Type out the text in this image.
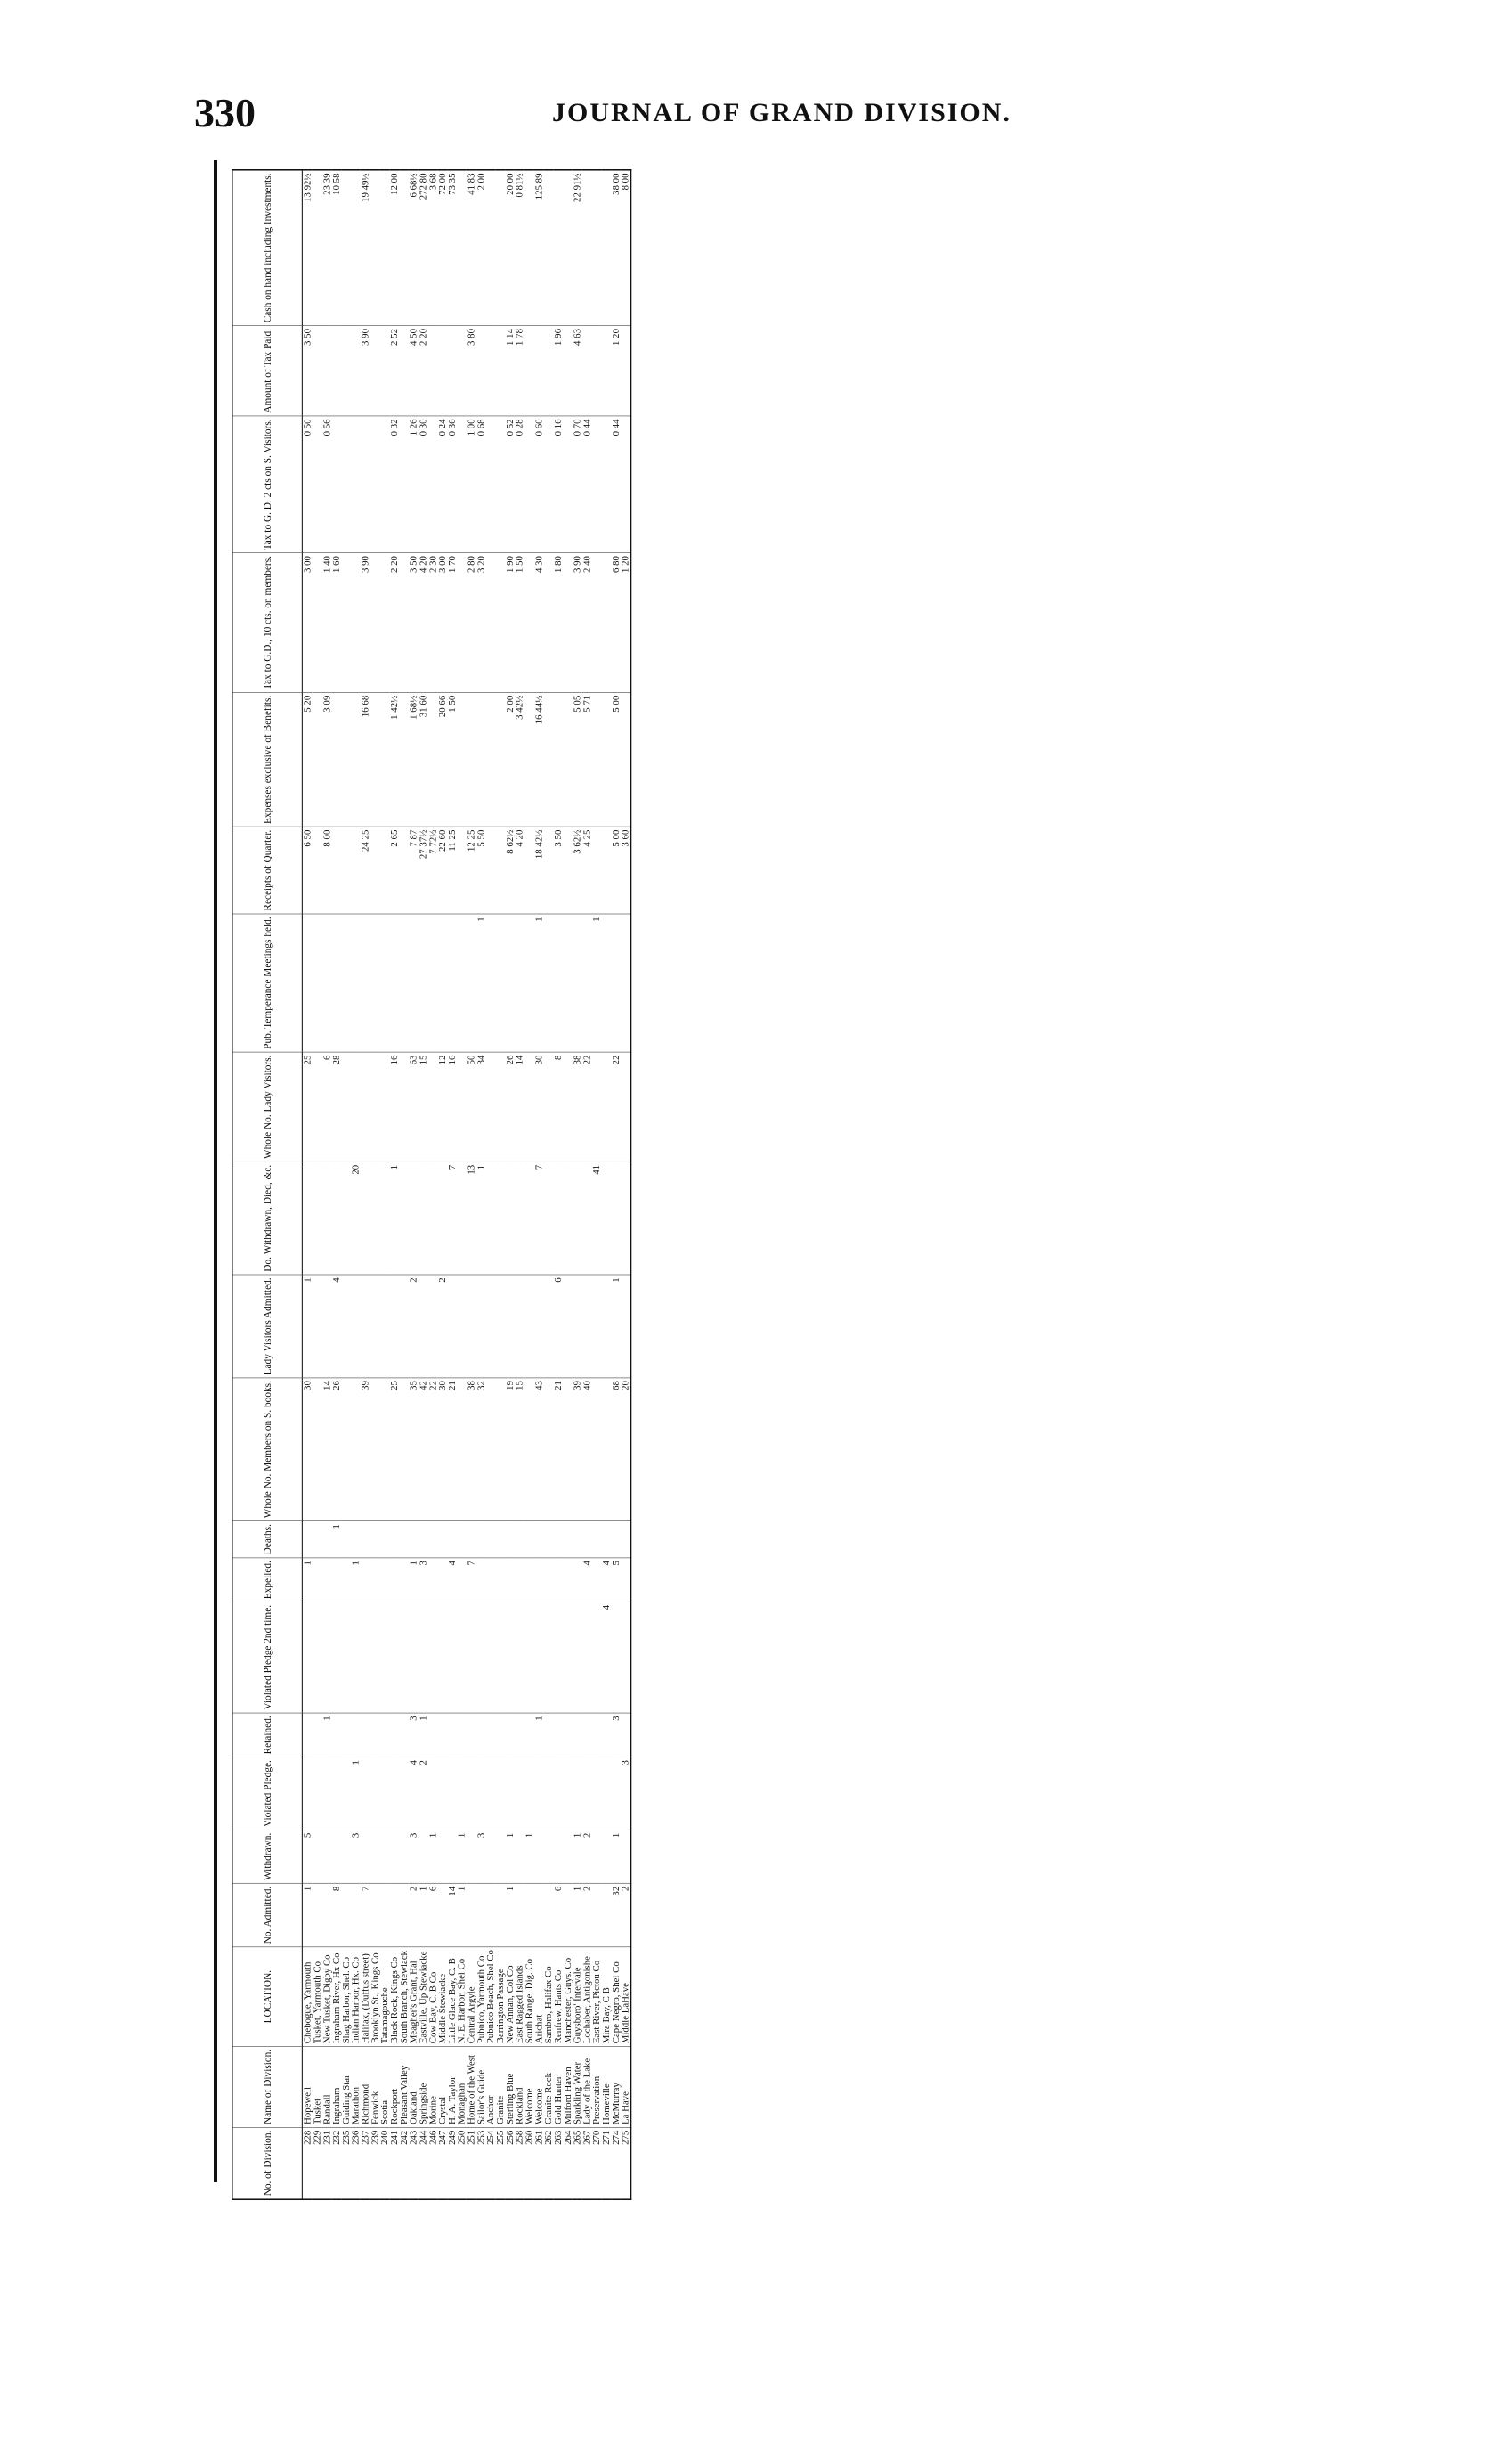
330	JOURNAL OF GRAND DIVISION.
No. of Division.	Name of Division.	LOCATION.	No. Admitted.	Withdrawn.	Violated Pledge.	Retained.	Violated Pledge 2nd time.	Expelled.	Deaths.	Whole No. Members on S. books.	Lady Visitors Admitted.	Do. Withdrawn, Died, &c.	Whole No. Lady Visitors.	Pub. Temperance Meetings held.	Receipts of Quarter.	Expenses exclusive of Benefits.	Tax to G.D., 10 cts. on members.	Tax to G. D. 2 cts on S. Visitors.	Amount of Tax Paid.	Cash on hand including Investments.
228	Hopewell	Chebogue, Yarmouth	1	5				1		30	1		25		6 50	5 20	3 00	0 50	3 50	13 92½
229	Tusket	Tusket, Yarmouth Co																		
231	Randall	New Tusket, Digby Co				1				14			6		8 00	3 09	1 40	0 56		23 39
232	Ingraham	Ingraham River, Hx Co	8						1	26	4		28				1 60			10 58
235	Guiding Star	Shag Harbor, Shel. Co																		
236	Marathon	Indian Harbor, Hx. Co		3	1			1				20								
237	Richmond	Halifax, (Duffus street)	7							39					24 25	16 68	3 90		3 90	19 49½
239	Fenwick	Brooklyn St., Kings Co																		
240	Scotia	Tatamagouche																		
241	Rockport	Black Rock, Kings Co								25		1	16		2 65	1 42½	2 20	0 32	2 52	12 00
242	Pleasant Valley	South Branch, Stewiack																		
243	Oakland	Meagher's Grant, Hal	2	3	4	3		1		35	2		63		7 87	1 68½	3 50	1 26	4 50	6 68½
244	Springside	Eastville, Up Stewiacke	1		2	1		3		42			15		27 37½	31 60	4 20	0 30	2 20	272 80
246	Morine	Cow Bay, C. B Co	6	1						22					7 72½		2 30			3 68
247	Crystal	Middle Stewiacke								30	2		12		22 60	20 66	3 00	0 24		72 00
249	H. A. Taylor	Little Glace Bay, C. B	14					4		21		7	16		11 25	1 50	1 70	0 36		73 35
250	Monaghan	N. E. Harbor, Shel Co	1	1																
251	Home of the West	Central Argyle						7		38		13	50		12 25		2 80	1 00	3 80	41 83
253	Sailor's Guide	Pubnico, Yarmouth Co		3						32		1	34	1	5 50		3 20	0 68		2 00
254	Anchor	Pubnico Beach, Shel Co																		
255	Granite	Barrington Passage																		
256	Sterling Blue	New Annan, Col Co	1	1						19			26		8 62½	2 00	1 90	0 52	1 14	20 00
258	Rockland	East Ragged Islands								15			14		4 20	3 42½	1 50	0 28	1 78	0 81½
260	Welcome	South Range, Dig. Co		1																
261	Welcome	Arichat				1				43		7	30	1	18 42½	16 44½	4 30	0 60		125 89
262	Granite Rock	Sambro, Halifax Co																		
263	Gold Hunter	Renfrew, Hants Co	6							21	6		8		3 50		1 80	0 16	1 96	
264	Milford Haven	Manchester, Guys. Co																		
265	Sparkling Water	Guysboro' Intervale	1	1						39			38		3 62½	5 05	3 90	0 70	4 63	22 91½
267	Lady of the Lake	Lochaber, Antigonishe	2	2				4		40			22		4 25	5 71	2 40	0 44		
270	Preservation	East River, Pictou Co										41		1						
271	Homeville	Mira Bay, C B					4	4												
274	McMurray	Cape Negro, Shel Co	32	1		3		5		68	1		22		5 00	5 00	6 80	0 44	1 20	38 00
275	La Have	Middle LaHave	2		3					20					3 60		1 20			8 00
